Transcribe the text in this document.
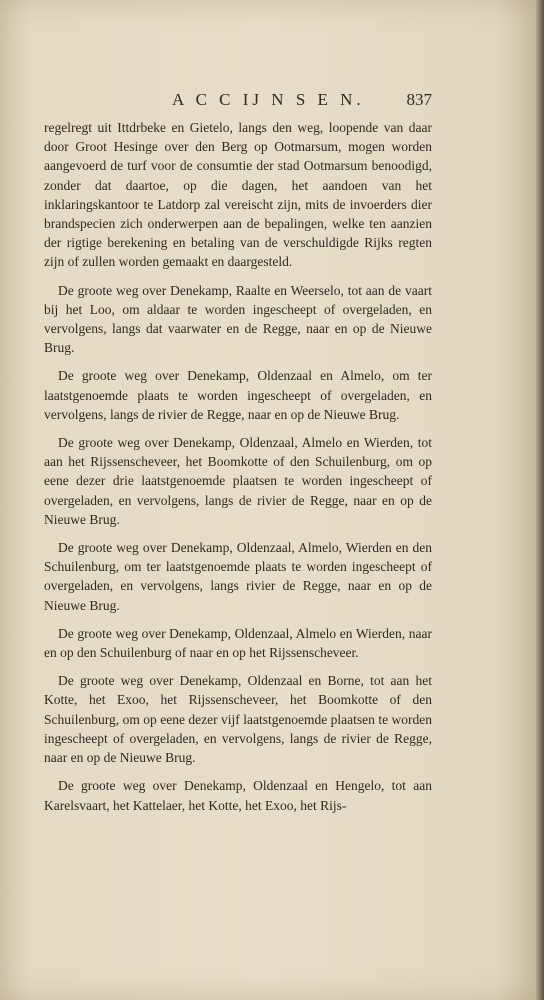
A C C IJ N S E N. 837

regelregt uit Ittdrbeke en Gietelo, langs den weg, loopende van daar door Groot Hesinge over den Berg op Ootmarsum, mogen worden aangevoerd de turf voor de consumtie der stad Ootmarsum benoodigd, zonder dat daartoe, op die dagen, het aandoen van het inklaringskantoor te Latdorp zal vereischt zijn, mits de invoerders dier brandspecien zich onderwerpen aan de bepalingen, welke ten aanzien der rigtige berekening en betaling van de verschuldigde Rijks regten zijn of zullen worden gemaakt en daargesteld.

De groote weg over Denekamp, Raalte en Weerselo, tot aan de vaart bij het Loo, om aldaar te worden ingescheept of overgeladen, en vervolgens, langs dat vaarwater en de Regge, naar en op de Nieuwe Brug.

De groote weg over Denekamp, Oldenzaal en Almelo, om ter laatstgenoemde plaats te worden ingescheept of overgeladen, en vervolgens, langs de rivier de Regge, naar en op de Nieuwe Brug.

De groote weg over Denekamp, Oldenzaal, Almelo en Wierden, tot aan het Rijssenscheveer, het Boomkotte of den Schuilenburg, om op eene dezer drie laatstgenoemde plaatsen te worden ingescheept of overgeladen, en vervolgens, langs de rivier de Regge, naar en op de Nieuwe Brug.

De groote weg over Denekamp, Oldenzaal, Almelo, Wierden en den Schuilenburg, om ter laatstgenoemde plaats te worden ingescheept of overgeladen, en vervolgens, langs rivier de Regge, naar en op de Nieuwe Brug.

De groote weg over Denekamp, Oldenzaal, Almelo en Wierden, naar en op den Schuilenburg of naar en op het Rijssenscheveer.

De groote weg over Denekamp, Oldenzaal en Borne, tot aan het Kotte, het Exoo, het Rijssenscheveer, het Boomkotte of den Schuilenburg, om op eene dezer vijf laatstgenoemde plaatsen te worden ingescheept of overgeladen, en vervolgens, langs de rivier de Regge, naar en op de Nieuwe Brug.

De groote weg over Denekamp, Oldenzaal en Hengelo, tot aan Karelsvaart, het Kattelaer, het Kotte, het Exoo, het Rijs-
